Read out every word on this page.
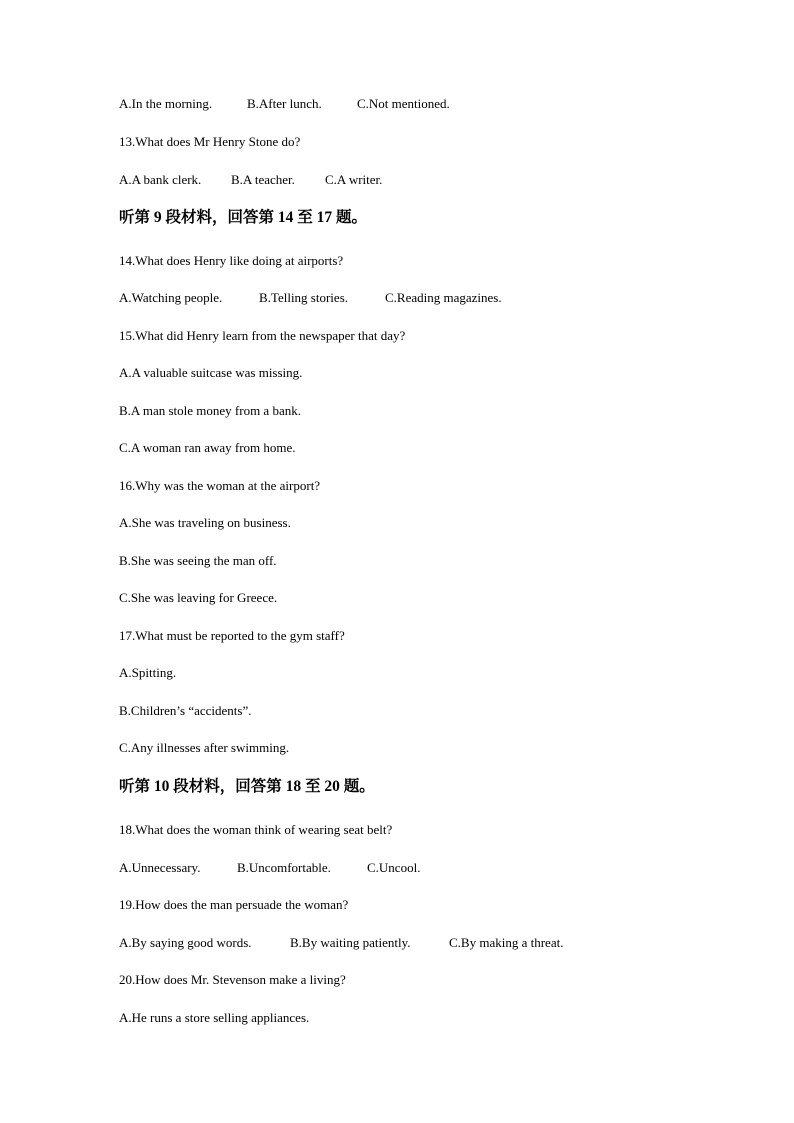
A.In the morning.	B.After lunch.	C.Not mentioned.
13.What does Mr Henry Stone do?
A.A bank clerk. B.A teacher. C.A writer.
听第 9 段材料，回答第 14 至 17 题。
14.What does Henry like doing at airports?
A.Watching people.	B.Telling stories.	C.Reading magazines.
15.What did Henry learn from the newspaper that day?
A.A valuable suitcase was missing.
B.A man stole money from a bank.
C.A woman ran away from home.
16.Why was the woman at the airport?
A.She was traveling on business.
B.She was seeing the man off.
C.She was leaving for Greece.
17.What must be reported to the gym staff?
A.Spitting.
B.Children’s “accidents”.
C.Any illnesses after swimming.
听第 10 段材料，回答第 18 至 20 题。
18.What does the woman think of wearing seat belt?
A.Unnecessary.	B.Uncomfortable.	C.Uncool.
19.How does the man persuade the woman?
A.By saying good words.	B.By waiting patiently.	C.By making a threat.
20.How does Mr. Stevenson make a living?
A.He runs a store selling appliances.
